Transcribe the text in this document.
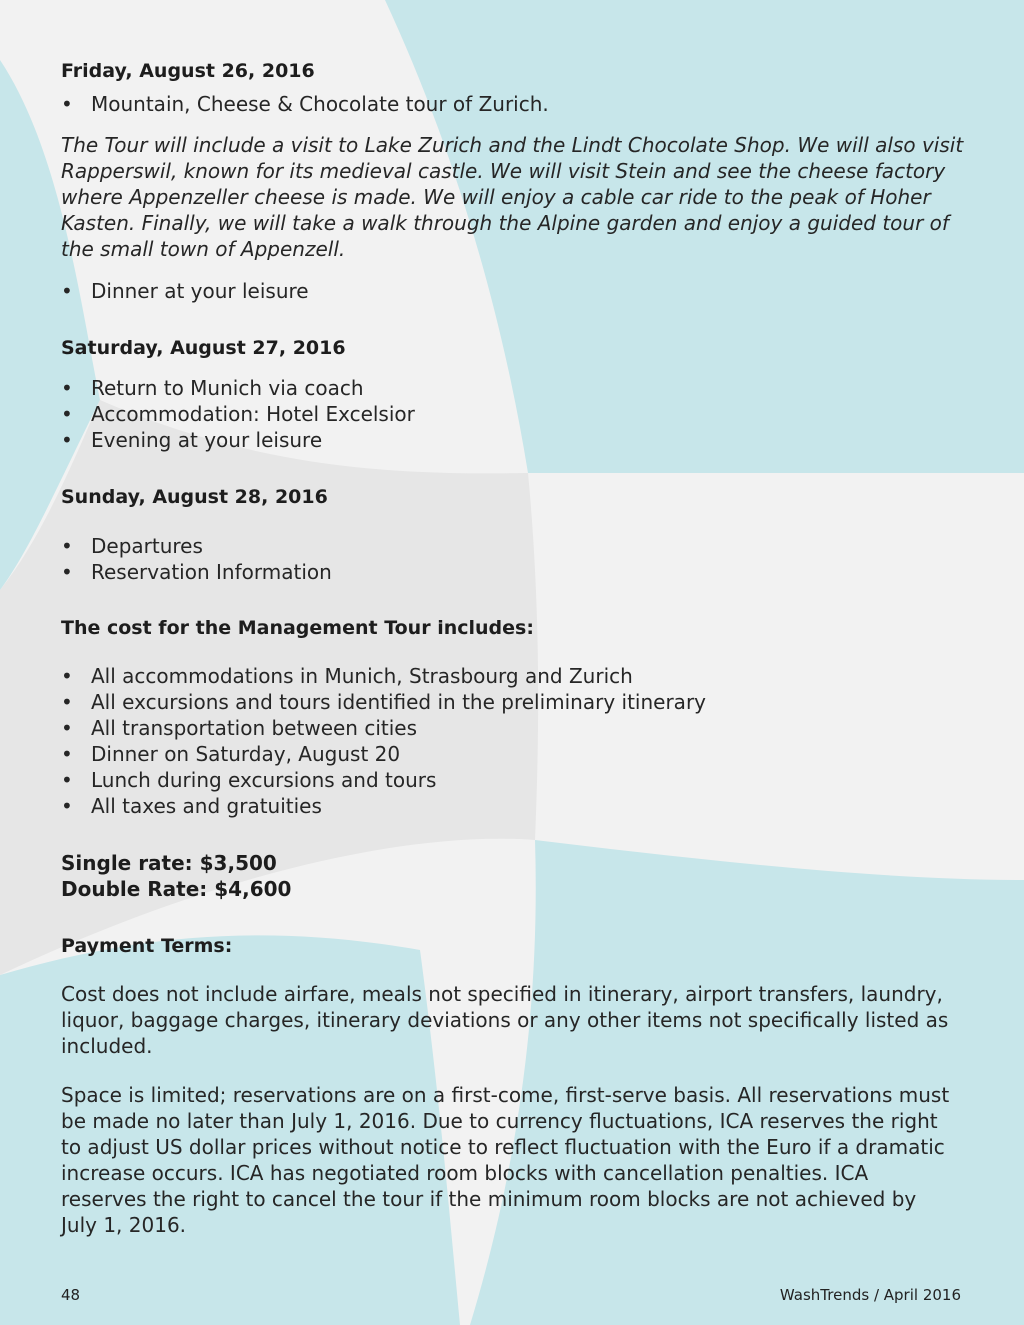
Friday, August 26, 2016
• Mountain, Cheese & Chocolate tour of Zurich.

The Tour will include a visit to Lake Zurich and the Lindt Chocolate Shop. We will also visit Rapperswil, known for its medieval castle. We will visit Stein and see the cheese factory where Appenzeller cheese is made. We will enjoy a cable car ride to the peak of Hoher Kasten. Finally, we will take a walk through the Alpine garden and enjoy a guided tour of the small town of Appenzell.

• Dinner at your leisure
Saturday, August 27, 2016
• Return to Munich via coach
• Accommodation: Hotel Excelsior
• Evening at your leisure
Sunday, August 28, 2016
• Departures
• Reservation Information
The cost for the Management Tour includes:
• All accommodations in Munich, Strasbourg and Zurich
• All excursions and tours identified in the preliminary itinerary
• All transportation between cities
• Dinner on Saturday, August 20
• Lunch during excursions and tours
• All taxes and gratuities
Single rate: $3,500
Double Rate: $4,600
Payment Terms:

Cost does not include airfare, meals not specified in itinerary, airport transfers, laundry, liquor, baggage charges, itinerary deviations or any other items not specifically listed as included.

Space is limited; reservations are on a first-come, first-serve basis. All reservations must be made no later than July 1, 2016. Due to currency fluctuations, ICA reserves the right to adjust US dollar prices without notice to reflect fluctuation with the Euro if a dramatic increase occurs. ICA has negotiated room blocks with cancellation penalties. ICA reserves the right to cancel the tour if the minimum room blocks are not achieved by July 1, 2016.

48	WashTrends / April 2016
